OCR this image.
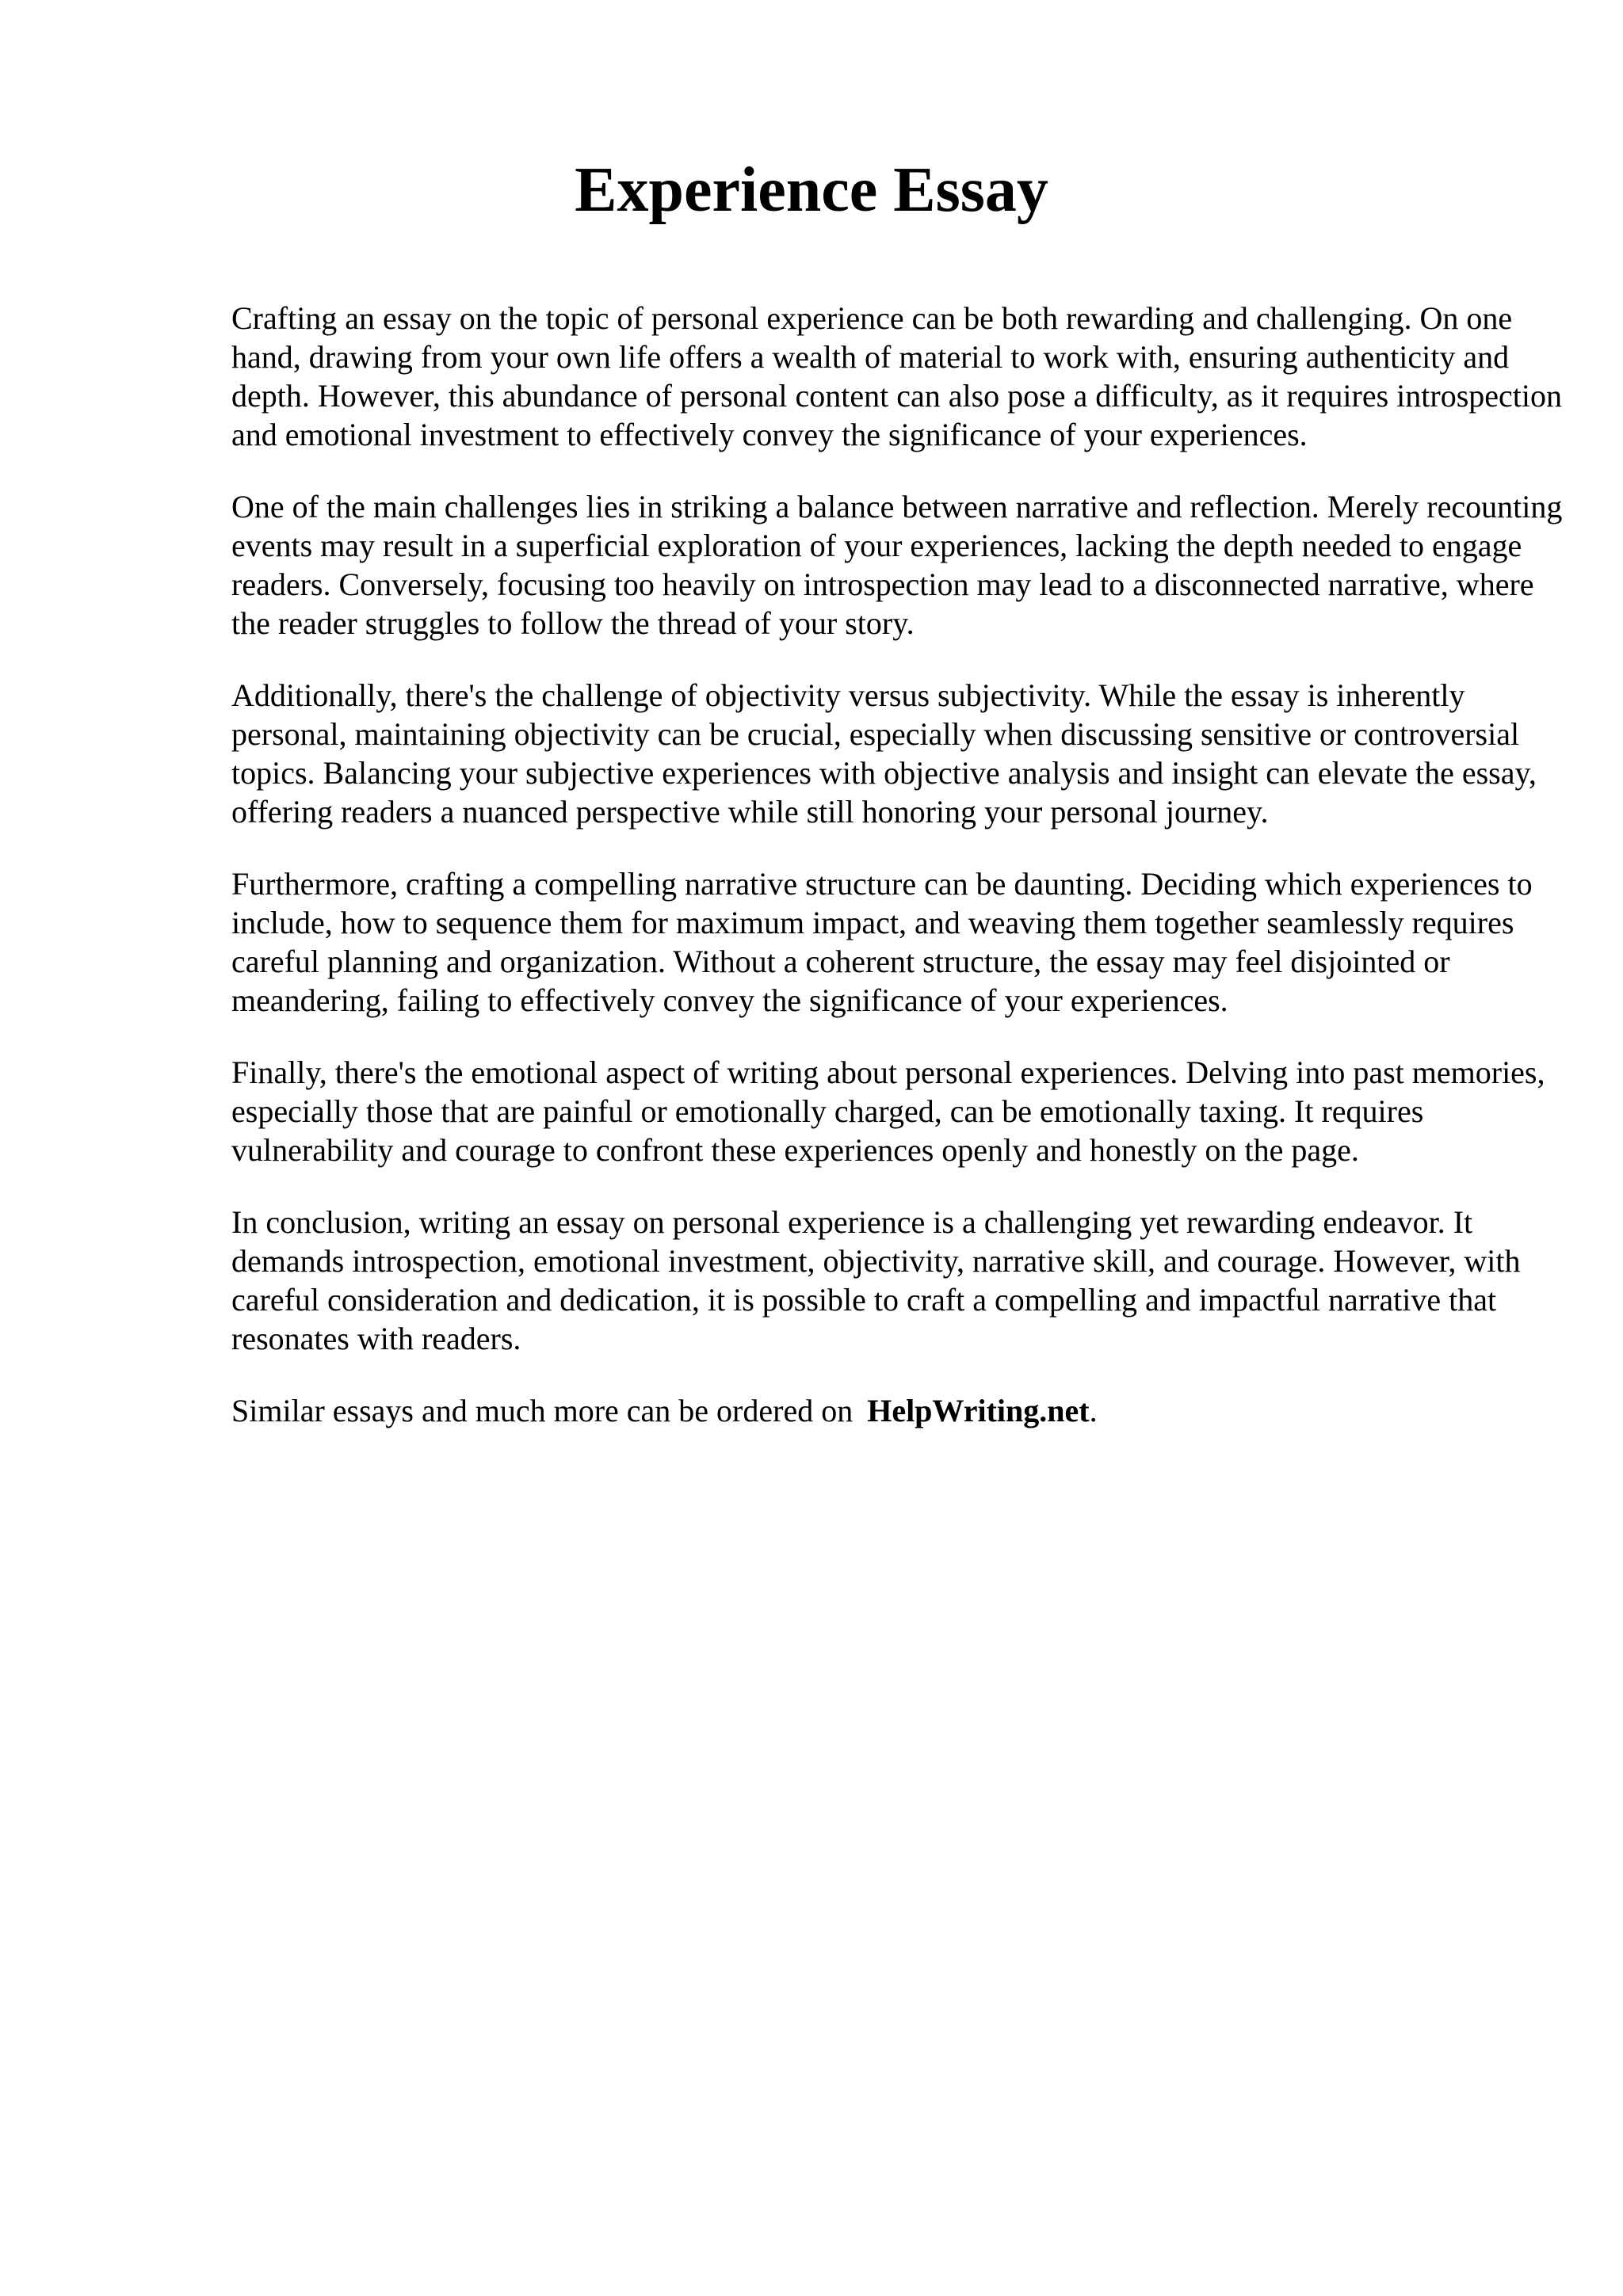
Experience Essay

Crafting an essay on the topic of personal experience can be both rewarding and challenging. On one hand, drawing from your own life offers a wealth of material to work with, ensuring authenticity and depth. However, this abundance of personal content can also pose a difficulty, as it requires introspection and emotional investment to effectively convey the significance of your experiences.

One of the main challenges lies in striking a balance between narrative and reflection. Merely recounting events may result in a superficial exploration of your experiences, lacking the depth needed to engage readers. Conversely, focusing too heavily on introspection may lead to a disconnected narrative, where the reader struggles to follow the thread of your story.

Additionally, there's the challenge of objectivity versus subjectivity. While the essay is inherently personal, maintaining objectivity can be crucial, especially when discussing sensitive or controversial topics. Balancing your subjective experiences with objective analysis and insight can elevate the essay, offering readers a nuanced perspective while still honoring your personal journey.

Furthermore, crafting a compelling narrative structure can be daunting. Deciding which experiences to include, how to sequence them for maximum impact, and weaving them together seamlessly requires careful planning and organization. Without a coherent structure, the essay may feel disjointed or meandering, failing to effectively convey the significance of your experiences.

Finally, there's the emotional aspect of writing about personal experiences. Delving into past memories, especially those that are painful or emotionally charged, can be emotionally taxing. It requires vulnerability and courage to confront these experiences openly and honestly on the page.

In conclusion, writing an essay on personal experience is a challenging yet rewarding endeavor. It demands introspection, emotional investment, objectivity, narrative skill, and courage. However, with careful consideration and dedication, it is possible to craft a compelling and impactful narrative that resonates with readers.

Similar essays and much more can be ordered on HelpWriting.net.
